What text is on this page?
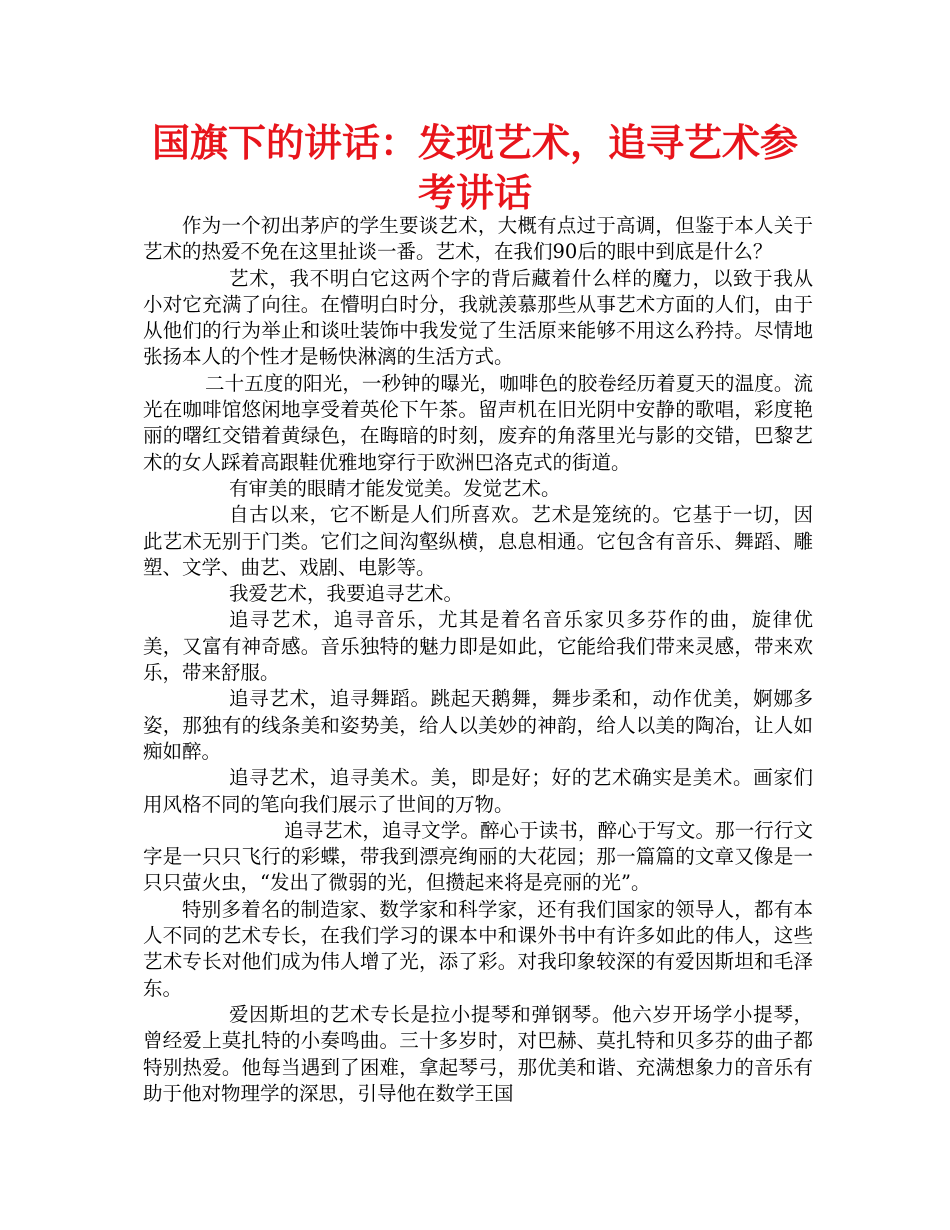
国旗下的讲话：发现艺术，追寻艺术参考讲话

作为一个初出茅庐的学生要谈艺术，大概有点过于高调，但鉴于本人关于艺术的热爱不免在这里扯谈一番。艺术，在我们90后的眼中到底是什么？

艺术，我不明白它这两个字的背后藏着什么样的魔力，以致于我从小对它充满了向往。在懵明白时分，我就羡慕那些从事艺术方面的人们，由于从他们的行为举止和谈吐装饰中我发觉了生活原来能够不用这么矜持。尽情地张扬本人的个性才是畅快淋漓的生活方式。

二十五度的阳光，一秒钟的曝光，咖啡色的胶卷经历着夏天的温度。流光在咖啡馆悠闲地享受着英伦下午茶。留声机在旧光阴中安静的歌唱，彩度艳丽的曙红交错着黄绿色，在晦暗的时刻，废弃的角落里光与影的交错，巴黎艺术的女人踩着高跟鞋优雅地穿行于欧洲巴洛克式的街道。

有审美的眼睛才能发觉美。发觉艺术。

自古以来，它不断是人们所喜欢。艺术是笼统的。它基于一切，因此艺术无别于门类。它们之间沟壑纵横，息息相通。它包含有音乐、舞蹈、雕塑、文学、曲艺、戏剧、电影等。

我爱艺术，我要追寻艺术。

追寻艺术，追寻音乐，尤其是着名音乐家贝多芬作的曲，旋律优美，又富有神奇感。音乐独特的魅力即是如此，它能给我们带来灵感，带来欢乐，带来舒服。

追寻艺术，追寻舞蹈。跳起天鹅舞，舞步柔和，动作优美，婀娜多姿，那独有的线条美和姿势美，给人以美妙的神韵，给人以美的陶冶，让人如痴如醉。

追寻艺术，追寻美术。美，即是好；好的艺术确实是美术。画家们用风格不同的笔向我们展示了世间的万物。

追寻艺术，追寻文学。醉心于读书，醉心于写文。那一行行文字是一只只飞行的彩蝶，带我到漂亮绚丽的大花园；那一篇篇的文章又像是一只只萤火虫，“发出了微弱的光，但攒起来将是亮丽的光”。

特别多着名的制造家、数学家和科学家，还有我们国家的领导人，都有本人不同的艺术专长，在我们学习的课本中和课外书中有许多如此的伟人，这些艺术专长对他们成为伟人增了光，添了彩。对我印象较深的有爱因斯坦和毛泽东。

爱因斯坦的艺术专长是拉小提琴和弹钢琴。他六岁开场学小提琴，曾经爱上莫扎特的小奏鸣曲。三十多岁时，对巴赫、莫扎特和贝多芬的曲子都特别热爱。他每当遇到了困难，拿起琴弓，那优美和谐、充满想象力的音乐有助于他对物理学的深思，引导他在数学王国
